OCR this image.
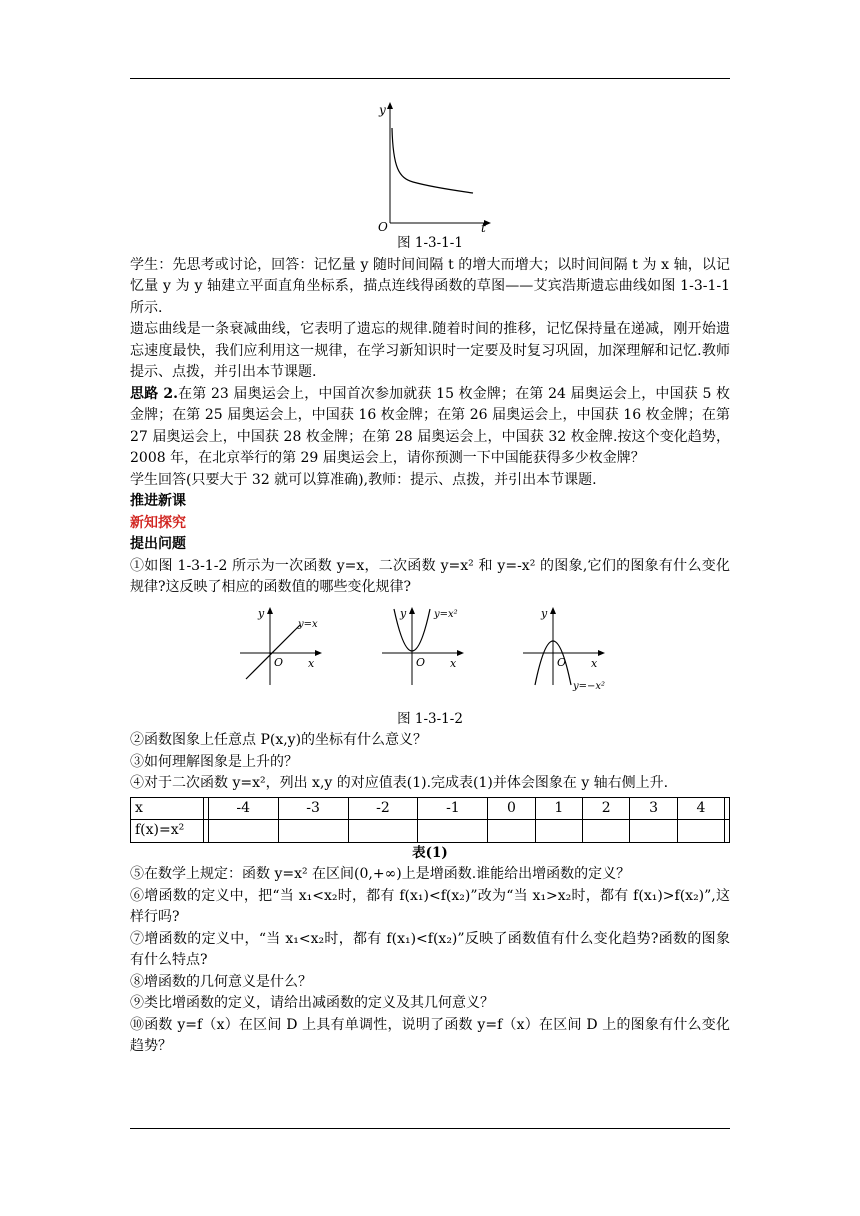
y
O	t

图 1-3-1-1

学生：先思考或讨论，回答：记忆量 y 随时间间隔 t 的增大而增大；以时间间隔 t 为 x 轴，以记忆量 y 为 y 轴建立平面直角坐标系，描点连线得函数的草图——艾宾浩斯遗忘曲线如图 1-3-1-1 所示.

遗忘曲线是一条衰减曲线，它表明了遗忘的规律.随着时间的推移，记忆保持量在递减，刚开始遗忘速度最快，我们应利用这一规律，在学习新知识时一定要及时复习巩固，加深理解和记忆.教师提示、点拨，并引出本节课题.

思路 2.在第 23 届奥运会上，中国首次参加就获 15 枚金牌；在第 24 届奥运会上，中国获 5 枚金牌；在第 25 届奥运会上，中国获 16 枚金牌；在第 26 届奥运会上，中国获 16 枚金牌；在第 27 届奥运会上，中国获 28 枚金牌；在第 28 届奥运会上，中国获 32 枚金牌.按这个变化趋势，2008 年，在北京举行的第 29 届奥运会上，请你预测一下中国能获得多少枚金牌？

学生回答(只要大于 32 就可以算准确),教师：提示、点拨，并引出本节课题.

推进新课

新知探究

提出问题

①如图 1-3-1-2 所示为一次函数 y=x，二次函数 y=x² 和 y=-x² 的图象,它们的图象有什么变化规律?这反映了相应的函数值的哪些变化规律?

y
O x
y=x
y
O x
y=x²	y
O x
y=−x²

图 1-3-1-2

②函数图象上任意点 P(x,y)的坐标有什么意义？

③如何理解图象是上升的？

④对于二次函数 y=x²，列出 x,y 的对应值表(1).完成表(1)并体会图象在 y 轴右侧上升.

x		-4	-3	-2	-1	0	1	2	3	4	
f(x)=x²											

表(1)

⑤在数学上规定：函数 y=x² 在区间(0,+∞)上是增函数.谁能给出增函数的定义？

⑥增函数的定义中，把“当 x₁<x₂时，都有 f(x₁)<f(x₂)”改为“当 x₁>x₂时，都有 f(x₁)>f(x₂)”,这样行吗?

⑦增函数的定义中，“当 x₁<x₂时，都有 f(x₁)<f(x₂)”反映了函数值有什么变化趋势?函数的图象有什么特点?

⑧增函数的几何意义是什么？

⑨类比增函数的定义，请给出减函数的定义及其几何意义？

⑩函数 y=f（x）在区间 D 上具有单调性，说明了函数 y=f（x）在区间 D 上的图象有什么变化趋势？
